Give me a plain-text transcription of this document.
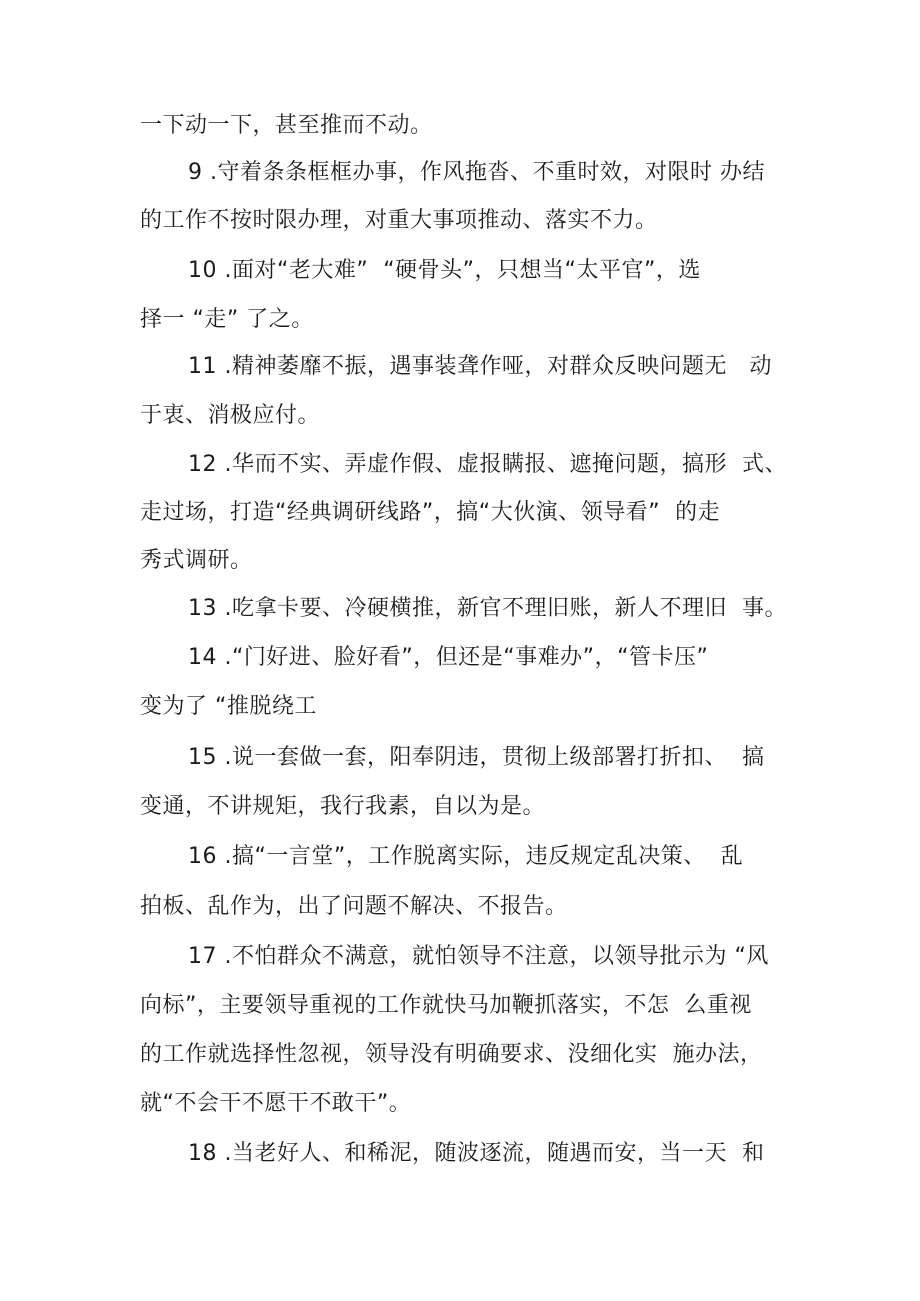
一下动一下，甚至推而不动。
9 .守着条条框框办事，作风拖沓、不重时效，对限时 办结
的工作不按时限办理，对重大事项推动、落实不力。
10 .面对“老大难”  “硬骨头”，只想当“太平官”，选
择一 “走” 了之。
11 .精神萎靡不振，遇事装聋作哑，对群众反映问题无   动
于衷、消极应付。
12 .华而不实、弄虚作假、虚报瞒报、遮掩问题，搞形  式、
走过场，打造“经典调研线路”，搞“大伙演、领导看”  的走
秀式调研。
13 .吃拿卡要、冷硬横推，新官不理旧账，新人不理旧  事。
14 .“门好进、脸好看”，但还是“事难办”，“管卡压”
变为了 “推脱绕工
15 .说一套做一套，阳奉阴违，贯彻上级部署打折扣、  搞
变通，不讲规矩，我行我素，自以为是。
16 .搞“一言堂”，工作脱离实际，违反规定乱决策、  乱
拍板、乱作为，出了问题不解决、不报告。
17 .不怕群众不满意，就怕领导不注意，以领导批示为 “风
向标”，主要领导重视的工作就快马加鞭抓落实，不怎  么重视
的工作就选择性忽视，领导没有明确要求、没细化实  施办法，
就“不会干不愿干不敢干”。
18 .当老好人、和稀泥，随波逐流，随遇而安，当一天  和
